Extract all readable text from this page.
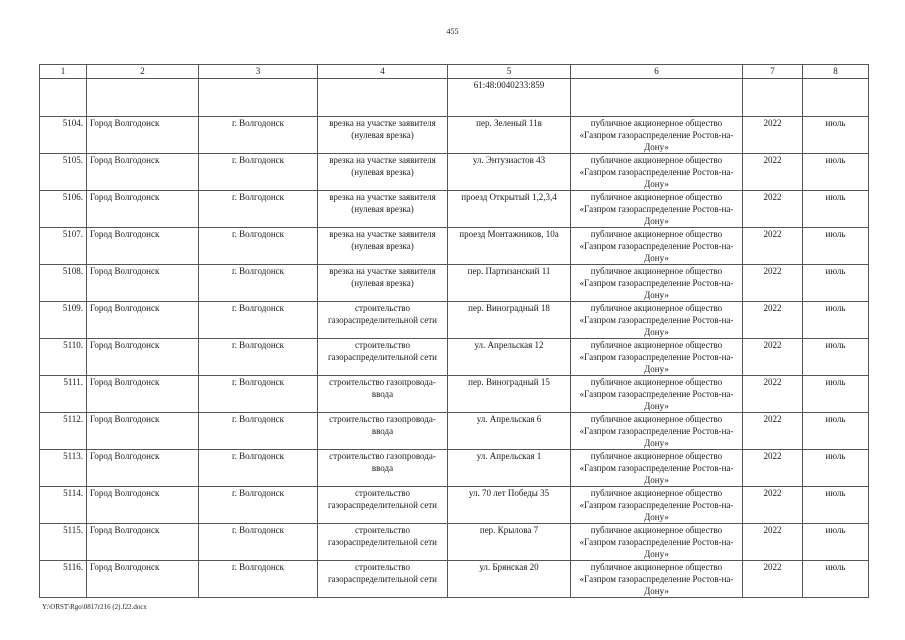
455
1	2	3	4	5	6	7	8
				61:48:0040233:859			
5104.	Город Волгодонск	г. Волгодонск	врезка на участке заявителя (нулевая врезка)	пер. Зеленый 11в	публичное акционерное общество «Газпром газораспределение Ростов-на-Дону»	2022	июль
5105.	Город Волгодонск	г. Волгодонск	врезка на участке заявителя (нулевая врезка)	ул. Энтузиастов 43	публичное акционерное общество «Газпром газораспределение Ростов-на-Дону»	2022	июль
5106.	Город Волгодонск	г. Волгодонск	врезка на участке заявителя (нулевая врезка)	проезд Открытый 1,2,3,4	публичное акционерное общество «Газпром газораспределение Ростов-на-Дону»	2022	июль
5107.	Город Волгодонск	г. Волгодонск	врезка на участке заявителя (нулевая врезка)	проезд Монтажников, 10а	публичное акционерное общество «Газпром газораспределение Ростов-на-Дону»	2022	июль
5108.	Город Волгодонск	г. Волгодонск	врезка на участке заявителя (нулевая врезка)	пер. Партизанский 11	публичное акционерное общество «Газпром газораспределение Ростов-на-Дону»	2022	июль
5109.	Город Волгодонск	г. Волгодонск	строительство газораспределительной сети	пер. Виноградный 18	публичное акционерное общество «Газпром газораспределение Ростов-на-Дону»	2022	июль
5110.	Город Волгодонск	г. Волгодонск	строительство газораспределительной сети	ул. Апрельская 12	публичное акционерное общество «Газпром газораспределение Ростов-на-Дону»	2022	июль
5111.	Город Волгодонск	г. Волгодонск	строительство газопровода-ввода	пер. Виноградный 15	публичное акционерное общество «Газпром газораспределение Ростов-на-Дону»	2022	июль
5112.	Город Волгодонск	г. Волгодонск	строительство газопровода-ввода	ул. Апрельская 6	публичное акционерное общество «Газпром газораспределение Ростов-на-Дону»	2022	июль
5113.	Город Волгодонск	г. Волгодонск	строительство газопровода-ввода	ул. Апрельская 1	публичное акционерное общество «Газпром газораспределение Ростов-на-Дону»	2022	июль
5114.	Город Волгодонск	г. Волгодонск	строительство газораспределительной сети	ул. 70 лет Победы 35	публичное акционерное общество «Газпром газораспределение Ростов-на-Дону»	2022	июль
5115.	Город Волгодонск	г. Волгодонск	строительство газораспределительной сети	пер. Крылова 7	публичное акционерное общество «Газпром газораспределение Ростов-на-Дону»	2022	июль
5116.	Город Волгодонск	г. Волгодонск	строительство газораспределительной сети	ул. Брянская 20	публичное акционерное общество «Газпром газораспределение Ростов-на-Дону»	2022	июль
Y:\ORST\Rgo\0817r216 (2).f22.docx
